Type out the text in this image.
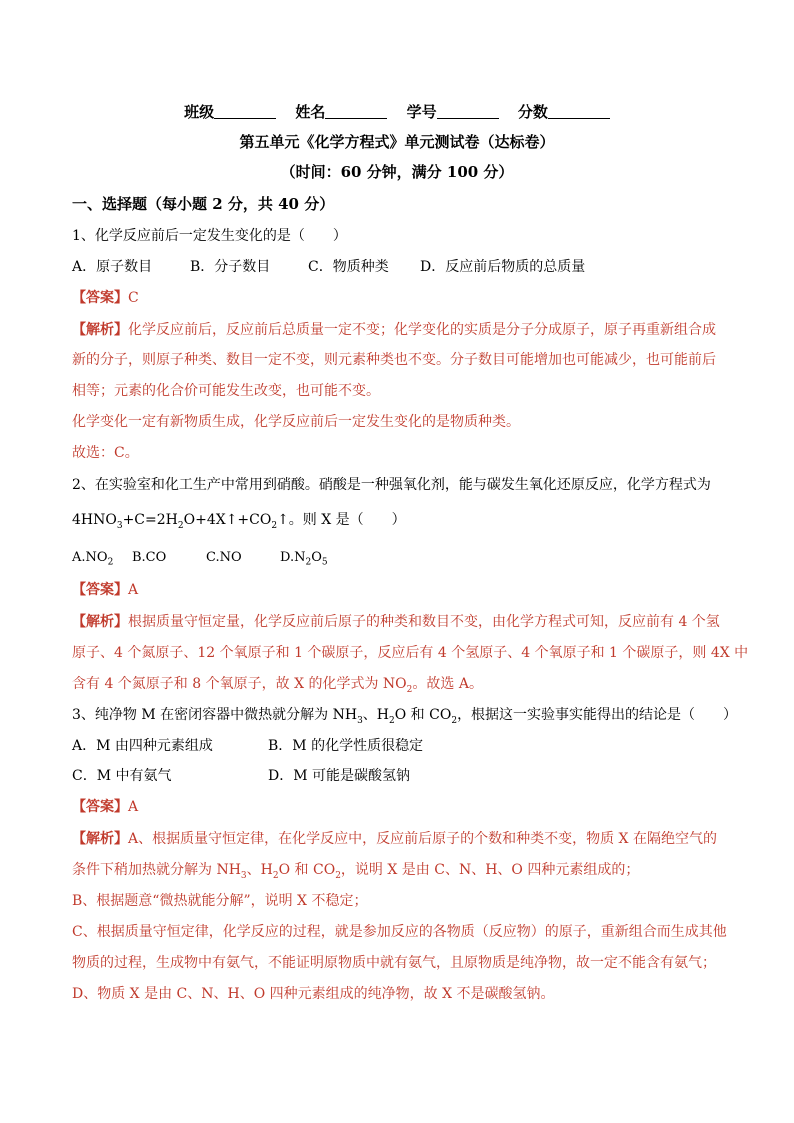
班级	姓名	学号	分数
第五单元《化学方程式》单元测试卷（达标卷）
（时间：60 分钟，满分 100 分）
一、选择题（每小题 2 分，共 40 分）
1、化学反应前后一定发生变化的是（　　）
A．原子数目	B．分子数目	C．物质种类 D．反应前后物质的总质量
【答案】C
【解析】化学反应前后，反应前后总质量一定不变；化学变化的实质是分子分成原子，原子再重新组合成
新的分子，则原子种类、数目一定不变，则元素种类也不变。分子数目可能增加也可能减少，也可能前后
相等；元素的化合价可能发生改变，也可能不变。
化学变化一定有新物质生成，化学反应前后一定发生变化的是物质种类。
故选：C。
2、在实验室和化工生产中常用到硝酸。硝酸是一种强氧化剂，能与碳发生氧化还原反应，化学方程式为
$4HNO_3+C=2H_2O+4X↑+CO_2↑$。则 X 是（　　）
$A.NO_2$ B.CO	C.NO	$D.N_2O_5$
【答案】A
【解析】根据质量守恒定量，化学反应前后原子的种类和数目不变，由化学方程式可知，反应前有 4 个氢
原子、4 个氮原子、12 个氧原子和 1 个碳原子，反应后有 4 个氢原子、4 个氧原子和 1 个碳原子，则 4X 中
含有 4 个氮原子和 8 个氧原子，故 X 的化学式为 $NO_2$。故选 A。
3、纯净物 M 在密闭容器中微热就分解为 $NH_3$、$H_2O$ 和 $CO_2$，根据这一实验事实能得出的结论是（　　）
A．M 由四种元素组成	B．M 的化学性质很稳定
C．M 中有氨气	D．M 可能是碳酸氢钠
【答案】A
【解析】A、根据质量守恒定律，在化学反应中，反应前后原子的个数和种类不变，物质 X 在隔绝空气的
条件下稍加热就分解为 $NH_3$、$H_2O$ 和 $CO_2$，说明 X 是由 C、N、H、O 四种元素组成的；
B、根据题意“微热就能分解”，说明 X 不稳定；
C、根据质量守恒定律，化学反应的过程，就是参加反应的各物质（反应物）的原子，重新组合而生成其他
物质的过程，生成物中有氨气，不能证明原物质中就有氨气，且原物质是纯净物，故一定不能含有氨气；
D、物质 X 是由 C、N、H、O 四种元素组成的纯净物，故 X 不是碳酸氢钠。
